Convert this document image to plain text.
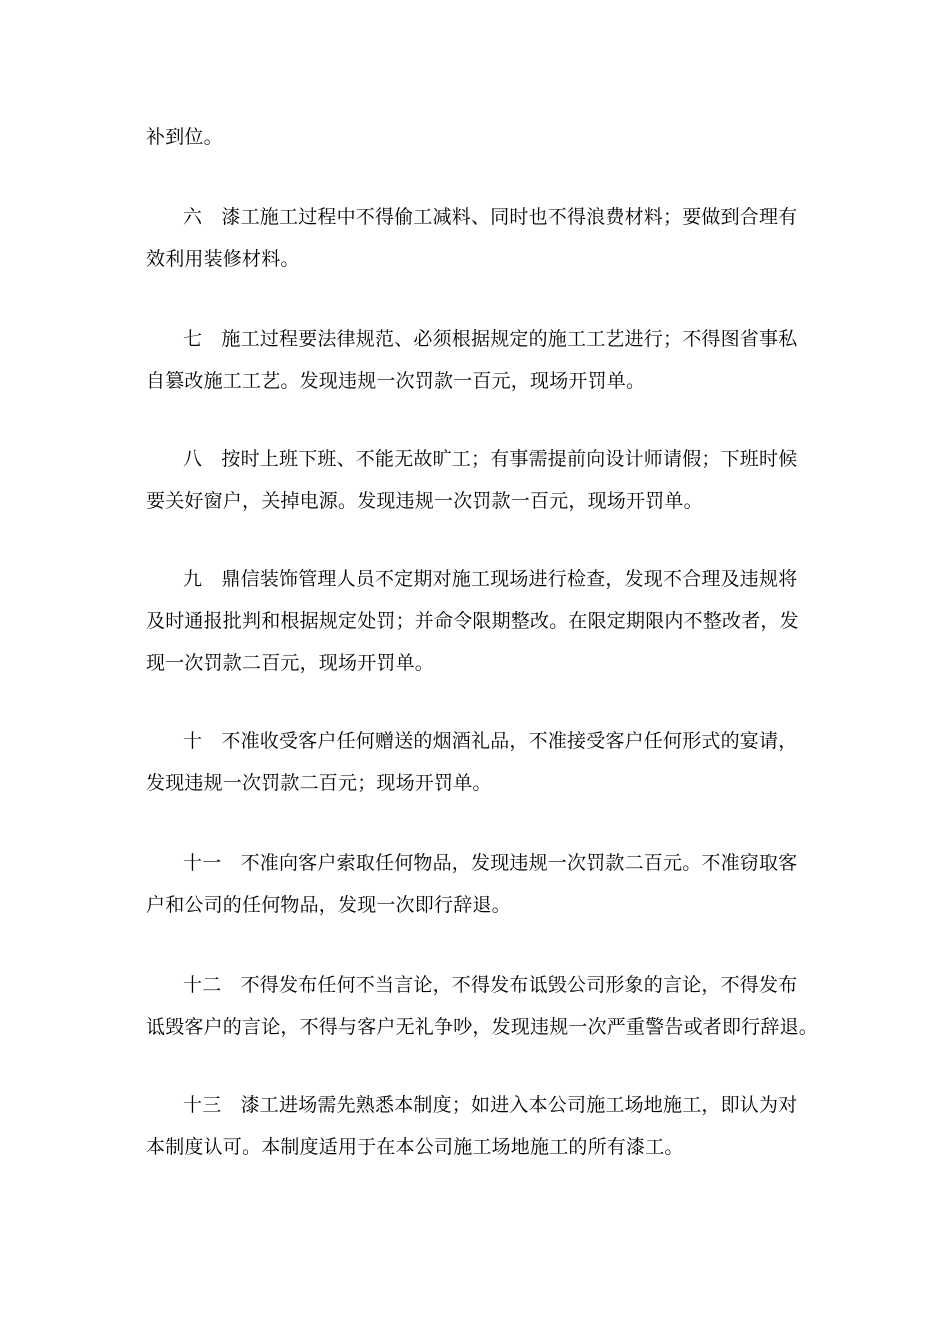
补到位。
六　漆工施工过程中不得偷工减料、同时也不得浪费材料；要做到合理有
效利用装修材料。
七　施工过程要法律规范、必须根据规定的施工工艺进行；不得图省事私
自篡改施工工艺。发现违规一次罚款一百元，现场开罚单。
八　按时上班下班、不能无故旷工；有事需提前向设计师请假；下班时候
要关好窗户，关掉电源。发现违规一次罚款一百元，现场开罚单。
九　鼎信装饰管理人员不定期对施工现场进行检查，发现不合理及违规将
及时通报批判和根据规定处罚；并命令限期整改。在限定期限内不整改者，发
现一次罚款二百元，现场开罚单。
十　不准收受客户任何赠送的烟酒礼品，不准接受客户任何形式的宴请，
发现违规一次罚款二百元；现场开罚单。
十一　不准向客户索取任何物品，发现违规一次罚款二百元。不准窃取客
户和公司的任何物品，发现一次即行辞退。
十二　不得发布任何不当言论，不得发布诋毁公司形象的言论，不得发布
诋毁客户的言论，不得与客户无礼争吵，发现违规一次严重警告或者即行辞退。
十三　漆工进场需先熟悉本制度；如进入本公司施工场地施工，即认为对
本制度认可。本制度适用于在本公司施工场地施工的所有漆工。
